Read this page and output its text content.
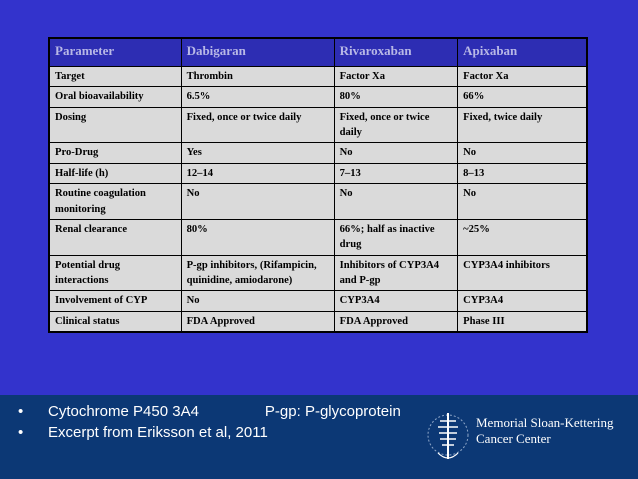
Parameter	Dabigaran	Rivaroxaban	Apixaban
Target	Thrombin	Factor Xa	Factor Xa
Oral bioavailability	6.5%	80%	66%
Dosing	Fixed, once or twice daily	Fixed, once or twice daily	Fixed, twice daily
Pro-Drug	Yes	No	No
Half-life (h)	12–14	7–13	8–13
Routine coagulation monitoring	No	No	No
Renal clearance	80%	66%; half as inactive drug	~25%
Potential drug interactions	P-gp inhibitors, (Rifampicin, quinidine, amiodarone)	Inhibitors of CYP3A4 and P-gp	CYP3A4 inhibitors
Involvement of CYP	No	CYP3A4	CYP3A4
Clinical status	FDA Approved	FDA Approved	Phase III
•	Cytochrome P450 3A4	P-gp: P-glycoprotein
•	Excerpt from Eriksson et al, 2011
Memorial Sloan-Kettering
Cancer Center
